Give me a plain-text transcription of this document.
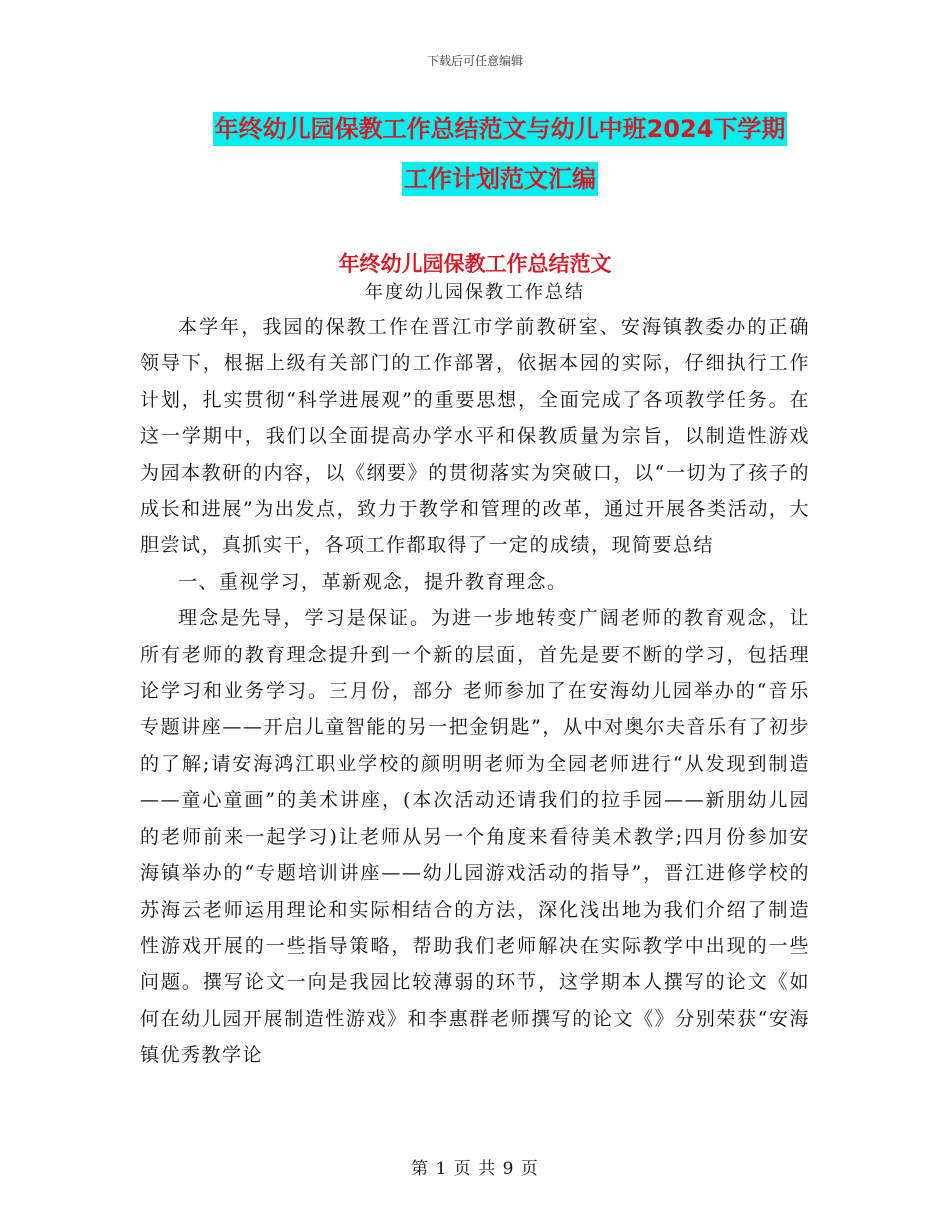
下载后可任意编辑
年终幼儿园保教工作总结范文与幼儿中班2024下学期
工作计划范文汇编
年终幼儿园保教工作总结范文
年度幼儿园保教工作总结

本学年，我园的保教工作在晋江市学前教研室、安海镇教委办的正确领导下，根据上级有关部门的工作部署，依据本园的实际，仔细执行工作计划，扎实贯彻“科学进展观”的重要思想，全面完成了各项教学任务。在这一学期中，我们以全面提高办学水平和保教质量为宗旨，以制造性游戏为园本教研的内容，以《纲要》的贯彻落实为突破口，以“一切为了孩子的成长和进展”为出发点，致力于教学和管理的改革，通过开展各类活动，大胆尝试，真抓实干，各项工作都取得了一定的成绩，现简要总结

一、重视学习，革新观念，提升教育理念。

理念是先导，学习是保证。为进一步地转变广阔老师的教育观念，让所有老师的教育理念提升到一个新的层面，首先是要不断的学习，包括理论学习和业务学习。三月份，部分 老师参加了在安海幼儿园举办的“音乐专题讲座——开启儿童智能的另一把金钥匙”，从中对奥尔夫音乐有了初步的了解;请安海鸿江职业学校的颜明明老师为全园老师进行“从发现到制造——童心童画”的美术讲座，(本次活动还请我们的拉手园——新朋幼儿园的老师前来一起学习)让老师从另一个角度来看待美术教学;四月份参加安海镇举办的“专题培训讲座——幼儿园游戏活动的指导”，晋江进修学校的苏海云老师运用理论和实际相结合的方法，深化浅出地为我们介绍了制造性游戏开展的一些指导策略，帮助我们老师解决在实际教学中出现的一些问题。撰写论文一向是我园比较薄弱的环节，这学期本人撰写的论文《如何在幼儿园开展制造性游戏》和李惠群老师撰写的论文《》分别荣获“安海镇优秀教学论

第 1 页 共 9 页
